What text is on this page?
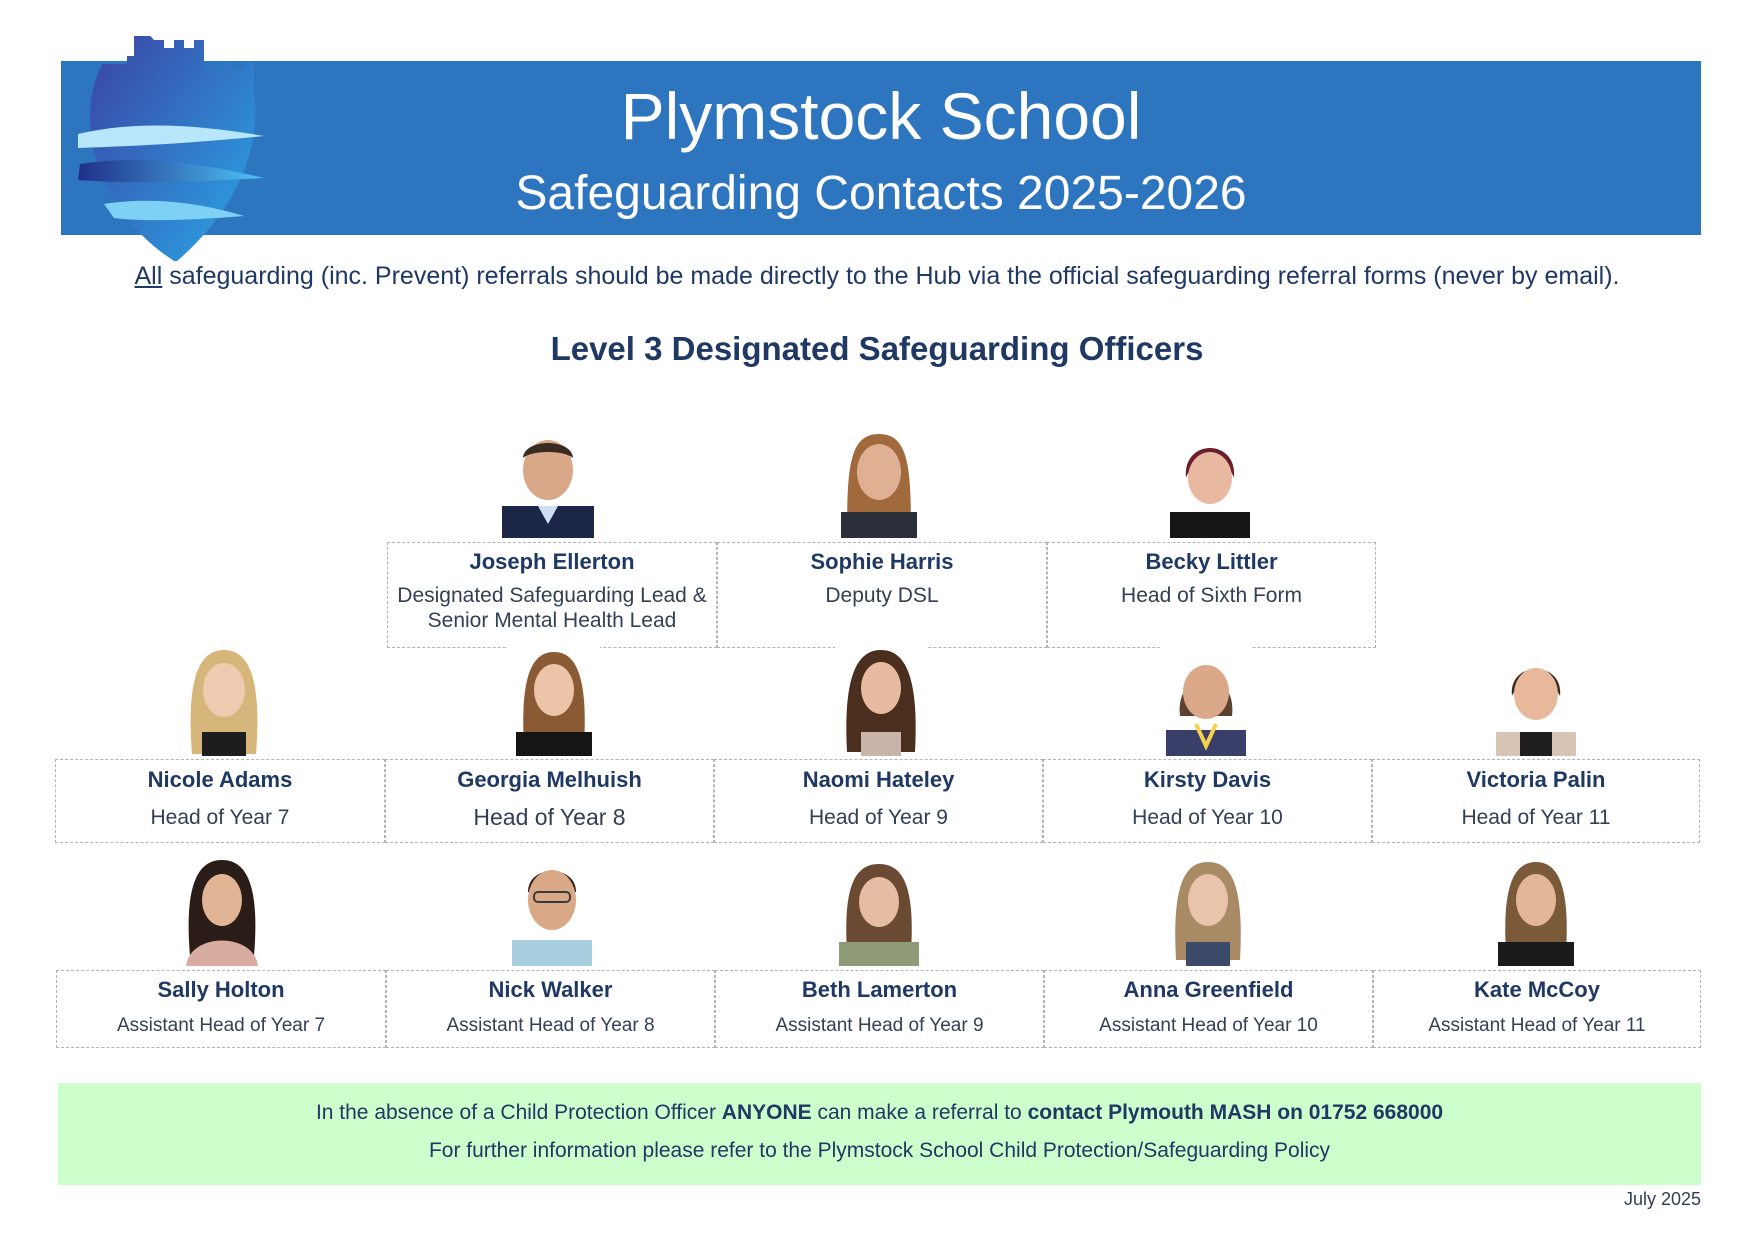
Plymstock School
Safeguarding Contacts 2025-2026
All safeguarding (inc. Prevent) referrals should be made directly to the Hub via the official safeguarding referral forms (never by email).
Level 3 Designated Safeguarding Officers
Joseph Ellerton
Designated Safeguarding Lead &
Senior Mental Health Lead
Sophie Harris
Deputy DSL
Becky Littler
Head of Sixth Form
Nicole Adams
Head of Year 7
Georgia Melhuish
Head of Year 8
Naomi Hateley
Head of Year 9
Kirsty Davis
Head of Year 10
Victoria Palin
Head of Year 11
Sally Holton
Assistant Head of Year 7
Nick Walker
Assistant Head of Year 8
Beth Lamerton
Assistant Head of Year 9
Anna Greenfield
Assistant Head of Year 10
Kate McCoy
Assistant Head of Year 11
In the absence of a Child Protection Officer ANYONE can make a referral to contact Plymouth MASH on 01752 668000
For further information please refer to the Plymstock School Child Protection/Safeguarding Policy
July 2025
